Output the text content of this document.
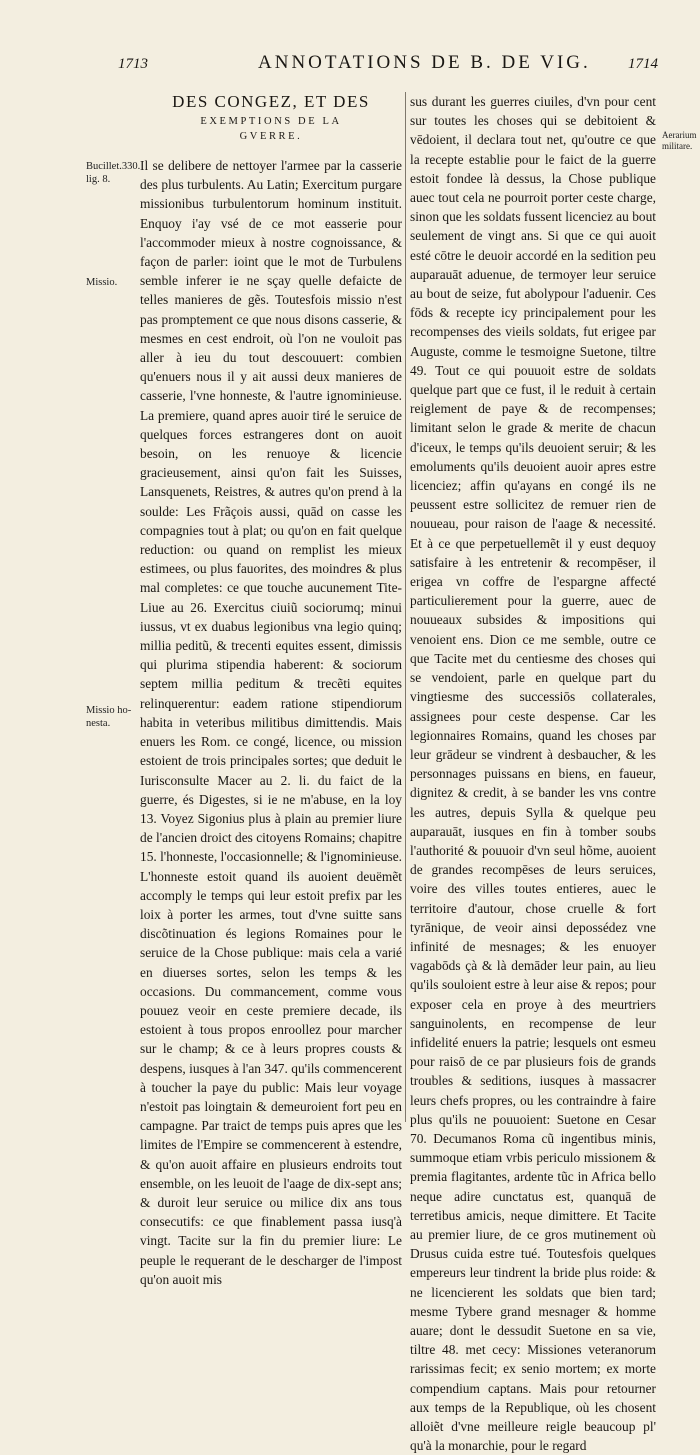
1713	ANNOTATIONS DE B. DE VIG. 1714
Bucillet.330. lig. 8.
Missio.
Missio ho- nesta.
Aerarium militare.
DES CONGEZ, ET DES
EXEMPTIONS DE LA
GVERRE.

Il se delibere de nettoyer l'armee par la casserie des plus turbulents. Au Latin; Exercitum purgare missionibus turbulentorum hominum instituit. Enquoy i'ay vsé de ce mot easserie pour l'accommoder mieux à nostre cognoissance, & façon de parler: ioint que le mot de Turbulens semble inferer ie ne sçay quelle defaicte de telles manieres de gẽs. Toutesfois missio n'est pas promptement ce que nous disons casserie, & mesmes en cest endroit, où l'on ne vouloit pas aller à ieu du tout descouuert: combien qu'enuers nous il y ait aussi deux manieres de casserie, l'vne honneste, & l'autre ignominieuse. La premiere, quand apres auoir tiré le seruice de quelques forces estrangeres dont on auoit besoin, on les renuoye & licencie gracieusement, ainsi qu'on fait les Suisses, Lansquenets, Reistres, & autres qu'on prend à la soulde: Les Frãçois aussi, quād on casse les compagnies tout à plat; ou qu'on en fait quelque reduction: ou quand on remplist les mieux estimees, ou plus fauorites, des moindres & plus mal completes: ce que touche aucunement Tite-Liue au 26. Exercitus ciuiũ sociorumq; minui iussus, vt ex duabus legionibus vna legio quinq; millia peditũ, & trecenti equites essent, dimissis qui plurima stipendia haberent: & sociorum septem millia peditum & trecẽti equites relinquerentur: eadem ratione stipendiorum habita in veteribus militibus dimittendis. Mais enuers les Rom. ce congé, licence, ou mission estoient de trois principales sortes; que deduit le Iurisconsulte Macer au 2. li. du faict de la guerre, és Digestes, si ie ne m'abuse, en la loy 13. Voyez Sigonius plus à plain au premier liure de l'ancien droict des citoyens Romains; chapitre 15. l'honneste, l'occasionnelle; & l'ignominieuse. L'honneste estoit quand ils auoient deuëmẽt accomply le temps qui leur estoit prefix par les loix à porter les armes, tout d'vne suitte sans discõtinuation és legions Romaines pour le seruice de la Chose publique: mais cela a varié en diuerses sortes, selon les temps & les occasions. Du commancement, comme vous pouuez veoir en ceste premiere decade, ils estoient à tous propos enroollez pour marcher sur le champ; & ce à leurs propres cousts & despens, iusques à l'an 347. qu'ils commencerent à toucher la paye du public: Mais leur voyage n'estoit pas loingtain & demeuroient fort peu en campagne. Par traict de temps puis apres que les limites de l'Empire se commencerent à estendre, & qu'on auoit affaire en plusieurs endroits tout ensemble, on les leuoit de l'aage de dix-sept ans; & duroit leur seruice ou milice dix ans tous consecutifs: ce que finablement passa iusq'à vingt. Tacite sur la fin du premier liure: Le peuple le requerant de le descharger de l'impost qu'on auoit mis

sus durant les guerres ciuiles, d'vn pour cent sur toutes les choses qui se debitoient & vēdoient, il declara tout net, qu'outre ce que la recepte establie pour le faict de la guerre estoit fondee là dessus, la Chose publique auec tout cela ne pourroit porter ceste charge, sinon que les soldats fussent licenciez au bout seulement de vingt ans. Si que ce qui auoit esté cōtre le deuoir accordé en la sedition peu auparauāt aduenue, de termoyer leur seruice au bout de seize, fut abolypour l'aduenir. Ces fōds & recepte icy principalement pour les recompenses des vieils soldats, fut erigee par Auguste, comme le tesmoigne Suetone, tiltre 49. Tout ce qui pouuoit estre de soldats quelque part que ce fust, il le reduit à certain reiglement de paye & de recompenses; limitant selon le grade & merite de chacun d'iceux, le temps qu'ils deuoient seruir; & les emoluments qu'ils deuoient auoir apres estre licenciez; affin qu'ayans en congé ils ne peussent estre sollicitez de remuer rien de nouueau, pour raison de l'aage & necessité. Et à ce que perpetuellemẽt il y eust dequoy satisfaire à les entretenir & recompēser, il erigea vn coffre de l'espargne affecté particulierement pour la guerre, auec de nouueaux subsides & impositions qui venoient ens. Dion ce me semble, outre ce que Tacite met du centiesme des choses qui se vendoient, parle en quelque part du vingtiesme des successiōs collaterales, assignees pour ceste despense. Car les legionnaires Romains, quand les choses par leur grādeur se vindrent à desbaucher, & les personnages puissans en biens, en faueur, dignitez & credit, à se bander les vns contre les autres, depuis Sylla & quelque peu auparauāt, iusques en fin à tomber soubs l'authorité & pouuoir d'vn seul hõme, auoient de grandes recompēses de leurs seruices, voire des villes toutes entieres, auec le territoire d'autour, chose cruelle & fort tyrānique, de veoir ainsi depossédez vne infinité de mesnages; & les enuoyer vagabōds çà & là demāder leur pain, au lieu qu'ils souloient estre à leur aise & repos; pour exposer cela en proye à des meurtriers sanguinolents, en recompense de leur infidelité enuers la patrie; lesquels ont esmeu pour raisō de ce par plusieurs fois de grands troubles & seditions, iusques à massacrer leurs chefs propres, ou les contraindre à faire plus qu'ils ne pouuoient: Suetone en Cesar 70. Decumanos Roma cũ ingentibus minis, summoque etiam vrbis periculo missionem & premia flagitantes, ardente tũc in Africa bello neque adire cunctatus est, quanquā de terretibus amicis, neque dimittere. Et Tacite au premier liure, de ce gros mutinement où Drusus cuida estre tué. Toutesfois quelques empereurs leur tindrent la bride plus roide: & ne licencierent les soldats que bien tard; mesme Tybere grand mesnager & homme auare; dont le dessudit Suetone en sa vie, tiltre 48. met cecy: Missiones veteranorum rarissimas fecit; ex senio mortem; ex morte compendium captans. Mais pour retourner aux temps de la Republique, où les chosent alloiẽt d'vne meilleure reigle beaucoup pl' qu'à la monarchie, pour le regard
